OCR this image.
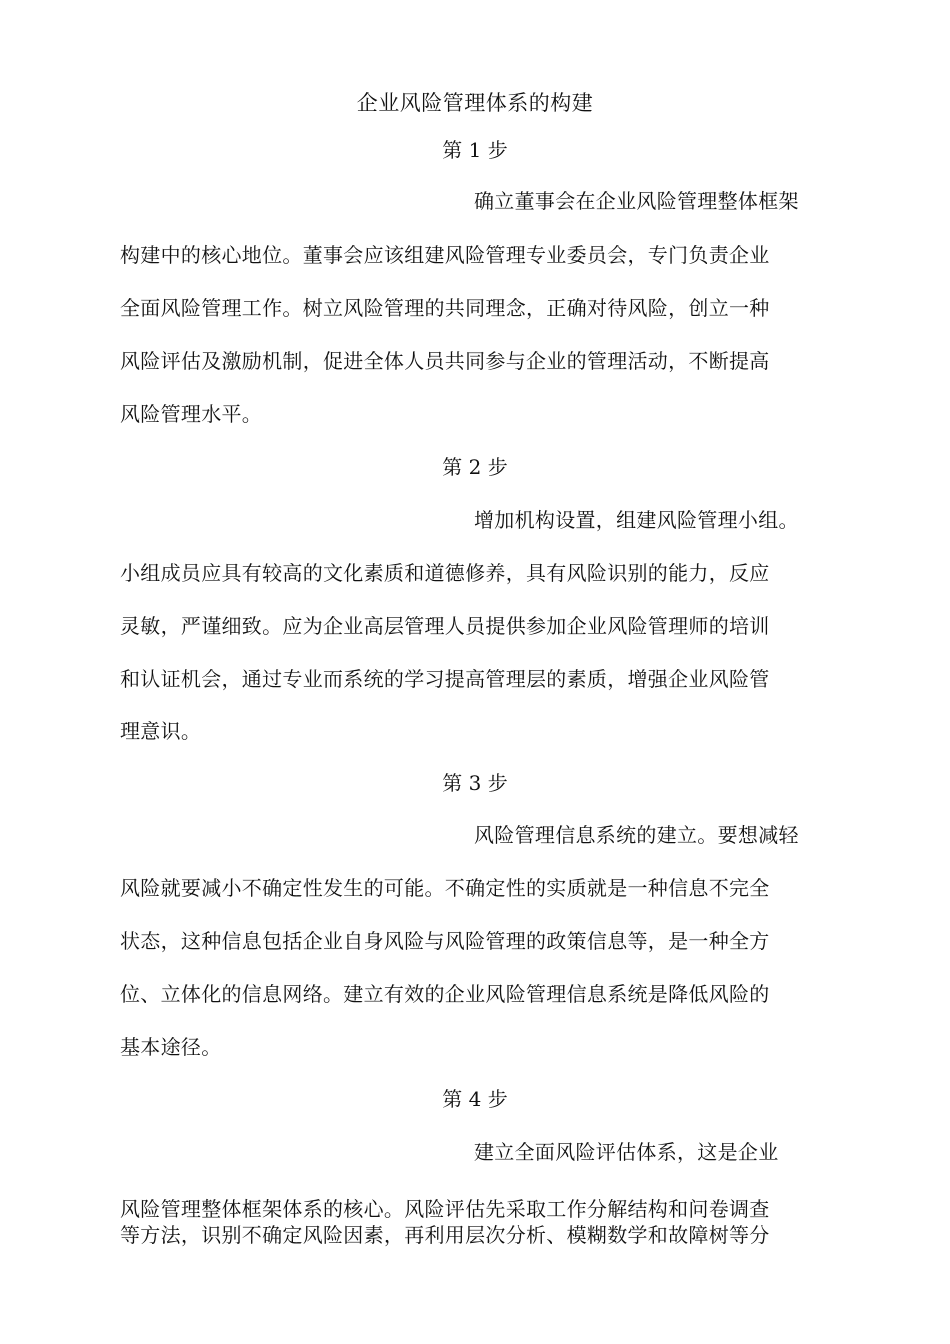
企业风险管理体系的构建
第 1 步
确立董事会在企业风险管理整体框架
构建中的核心地位。董事会应该组建风险管理专业委员会，专门负责企业
全面风险管理工作。树立风险管理的共同理念，正确对待风险，创立一种
风险评估及激励机制，促进全体人员共同参与企业的管理活动，不断提高
风险管理水平。
第 2 步
增加机构设置，组建风险管理小组。
小组成员应具有较高的文化素质和道德修养，具有风险识别的能力，反应
灵敏，严谨细致。应为企业高层管理人员提供参加企业风险管理师的培训
和认证机会，通过专业而系统的学习提高管理层的素质，增强企业风险管
理意识。
第 3 步
风险管理信息系统的建立。要想减轻
风险就要减小不确定性发生的可能。不确定性的实质就是一种信息不完全
状态，这种信息包括企业自身风险与风险管理的政策信息等，是一种全方
位、立体化的信息网络。建立有效的企业风险管理信息系统是降低风险的
基本途径。
第 4 步
建立全面风险评估体系，这是企业
风险管理整体框架体系的核心。风险评估先采取工作分解结构和问卷调查
等方法，识别不确定风险因素，再利用层次分析、模糊数学和故障树等分
